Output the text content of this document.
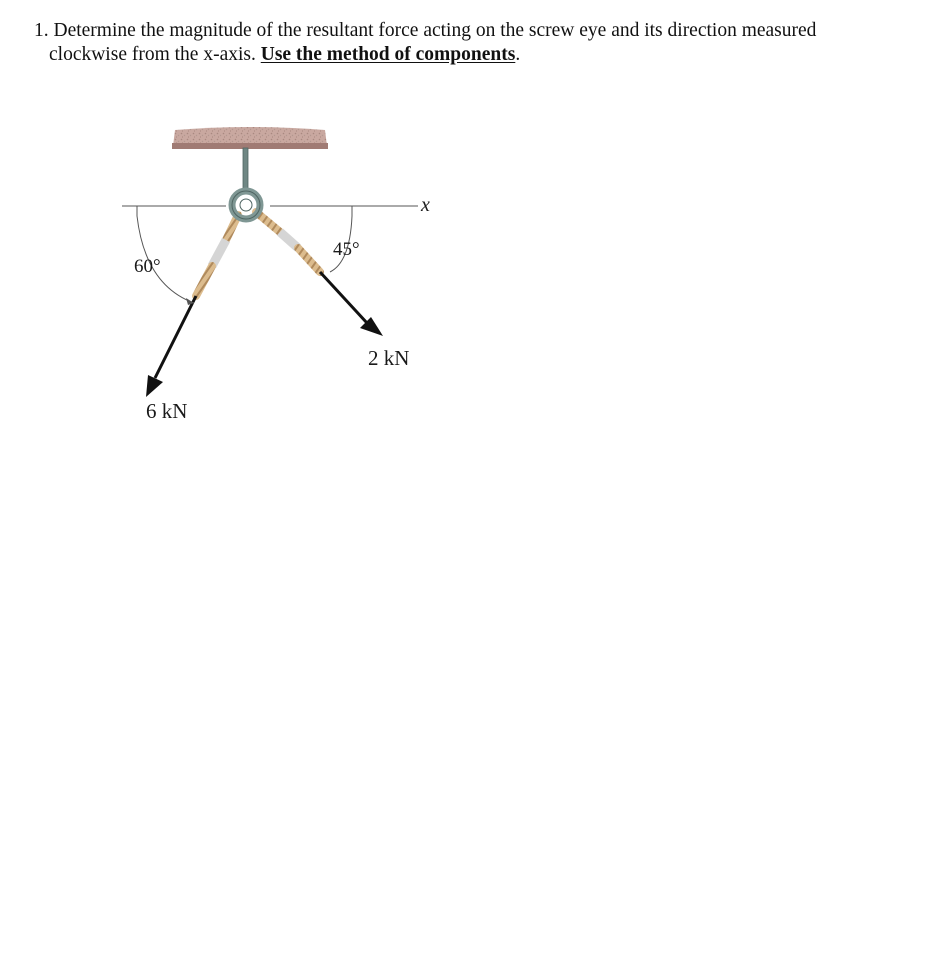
1. Determine the magnitude of the resultant force acting on the screw eye and its direction measured
clockwise from the x-axis. Use the method of components.
x
60°
45°
2 kN
6 kN
